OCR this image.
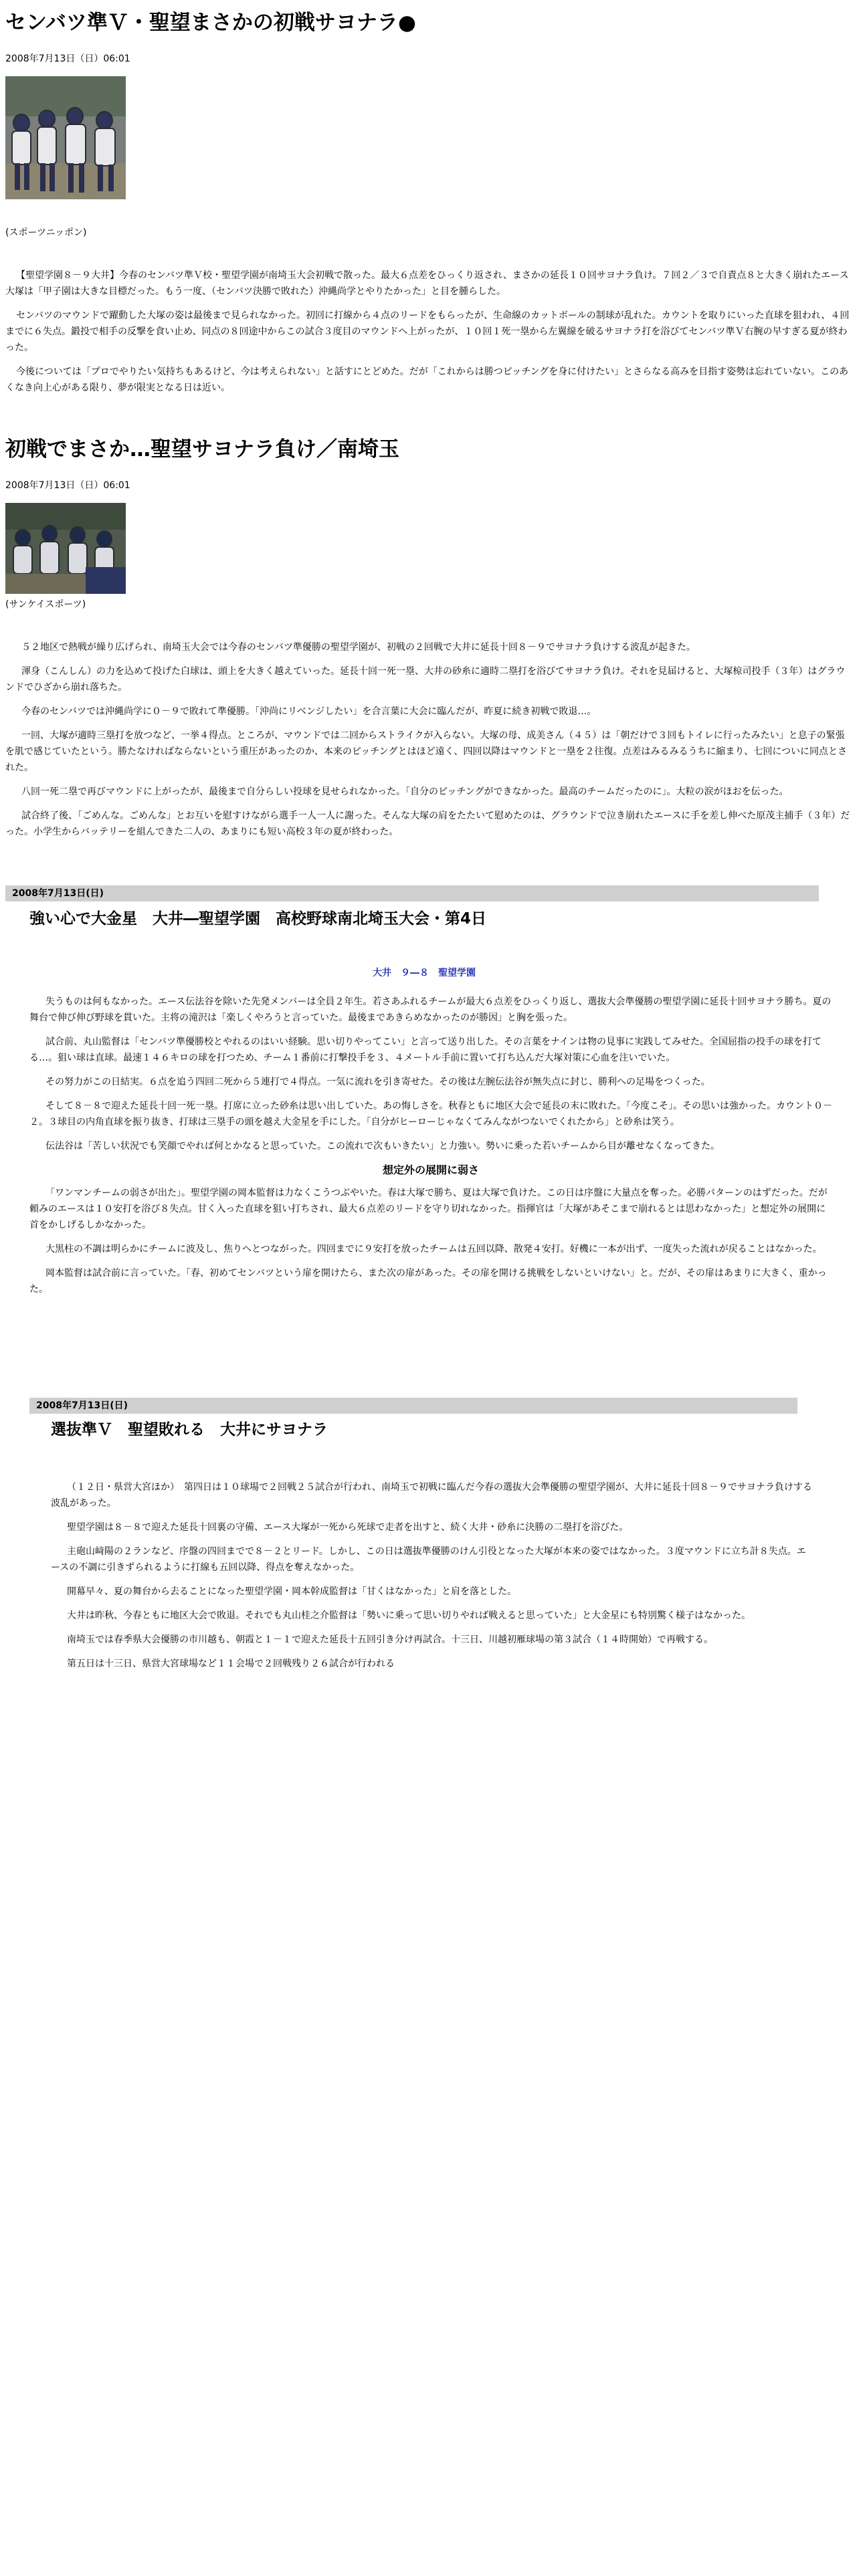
センバツ準Ｖ・聖望まさかの初戦サヨナラ●
2008年7月13日（日）06:01
(スポーツニッポン)

【聖望学園８－９大井】今春のセンバツ準Ｖ校・聖望学園が南埼玉大会初戦で散った。最大６点差をひっくり返され、まさかの延長１０回サヨナラ負け。７回２／３で自責点８と大きく崩れたエース大塚は「甲子園は大きな目標だった。もう一度、（センバツ決勝で敗れた）沖縄尚学とやりたかった」と目を腫らした。

センバツのマウンドで躍動した大塚の姿は最後まで見られなかった。初回に打線から４点のリードをもらったが、生命線のカットボールの制球が乱れた。カウントを取りにいった直球を狙われ、４回までに６失点。鍛投で相手の反撃を食い止め、同点の８回途中からこの試合３度目のマウンドへ上がったが、１０回１死一塁から左翼線を破るサヨナラ打を浴びてセンバツ準Ｖ右腕の早すぎる夏が終わった。

今後については「プロでやりたい気持ちもあるけど、今は考えられない」と話すにとどめた。だが「これからは勝つピッチングを身に付けたい」とさらなる高みを目指す姿勢は忘れていない。このあくなき向上心がある限り、夢が限実となる日は近い。

初戦でまさか…聖望サヨナラ負け／南埼玉
2008年7月13日（日）06:01
(サンケイスポーツ)

５２地区で熱戦が繰り広げられ、南埼玉大会では今春のセンバツ準優勝の聖望学園が、初戦の２回戦で大井に延長十回８－９でサヨナラ負けする波乱が起きた。

渾身（こんしん）の力を込めて投げた白球は、頭上を大きく越えていった。延長十回一死一塁、大井の砂糸に適時二塁打を浴びてサヨナラ負け。それを見届けると、大塚椋司投手（３年）はグラウンドでひざから崩れ落ちた。

今春のセンバツでは沖縄尚学に０－９で敗れて準優勝。「沖尚にリベンジしたい」を合言葉に大会に臨んだが、昨夏に続き初戦で敗退…。

一回、大塚が適時三塁打を放つなど、一挙４得点。ところが、マウンドでは二回からストライクが入らない。大塚の母、成美さん（４５）は「朝だけで３回もトイレに行ったみたい」と息子の緊張を肌で感じていたという。勝たなければならないという重圧があったのか、本来のピッチングとはほど遠く、四回以降はマウンドと一塁を２往復。点差はみるみるうちに縮まり、七回についに同点とされた。

八回一死二塁で再びマウンドに上がったが、最後まで自分らしい投球を見せられなかった。「自分のピッチングができなかった。最高のチームだったのに」。大粒の涙がほおを伝った。

試合終了後、「ごめんな。ごめんな」とお互いを慰すけながら選手一人一人に謝った。そんな大塚の肩をたたいて慰めたのは、グラウンドで泣き崩れたエースに手を差し伸べた原茂主捕手（３年）だった。小学生からバッテリーを組んできた二人の、あまりにも短い高校３年の夏が終わった。

2008年7月13日(日)
強い心で大金星　大井―聖望学園　高校野球南北埼玉大会・第4日
大井　９―８　聖望学園

失うものは何もなかった。エース伝法谷を除いた先発メンバーは全員２年生。若さあふれるチームが最大６点差をひっくり返し、選抜大会準優勝の聖望学園に延長十回サヨナラ勝ち。夏の舞台で伸び伸び野球を貫いた。主将の滝沢は「楽しくやろうと言っていた。最後まであきらめなかったのが勝因」と胸を張った。

試合前、丸山監督は「センバツ準優勝校とやれるのはいい経験。思い切りやってこい」と言って送り出した。その言葉をナインは物の見事に実践してみせた。全国屈指の投手の球を打てる…。狙い球は直球。最速１４６キロの球を打つため、チーム１番前に打撃投手を３、４メートル手前に置いて打ち込んだ大塚対策に心血を注いでいた。

その努力がこの日結実。６点を追う四回二死から５連打で４得点。一気に流れを引き寄せた。その後は左腕伝法谷が無失点に封じ、勝利への足場をつくった。

そして８－８で迎えた延長十回一死一塁。打席に立った砂糸は思い出していた。あの悔しさを。秋春ともに地区大会で延長の末に敗れた。「今度こそ」。その思いは強かった。カウント０－２。３球目の内角直球を振り抜き、打球は三塁手の頭を越え大金星を手にした。「自分がヒーローじゃなくてみんながつないでくれたから」と砂糸は笑う。

伝法谷は「苦しい状況でも笑顔でやれば何とかなると思っていた。この流れで次もいきたい」と力強い。勢いに乗った若いチームから目が離せなくなってきた。

想定外の展開に弱さ

「ワンマンチームの弱さが出た」。聖望学園の岡本監督は力なくこうつぶやいた。春は大塚で勝ち、夏は大塚で負けた。この日は序盤に大量点を奪った。必勝パターンのはずだった。だが頼みのエースは１０安打を浴び８失点。甘く入った直球を狙い打ちされ、最大６点差のリードを守り切れなかった。指揮官は「大塚があそこまで崩れるとは思わなかった」と想定外の展開に首をかしげるしかなかった。

大黒柱の不調は明らかにチームに波及し、焦りへとつながった。四回までに９安打を放ったチームは五回以降、散発４安打。好機に一本が出ず、一度失った流れが戻ることはなかった。

岡本監督は試合前に言っていた。「春、初めてセンバツという扉を開けたら、また次の扉があった。その扉を開ける挑戦をしないといけない」と。だが、その扉はあまりに大きく、重かった。

2008年7月13日(日)
選抜準Ｖ　聖望敗れる　大井にサヨナラ

（１２日・県営大宮ほか）　第四日は１０球場で２回戦２５試合が行われ、南埼玉で初戦に臨んだ今春の選抜大会準優勝の聖望学園が、大井に延長十回８－９でサヨナラ負けする波乱があった。

聖望学園は８－８で迎えた延長十回裏の守備、エース大塚が一死から死球で走者を出すと、続く大井・砂糸に決勝の二塁打を浴びた。

主砲山﨑陽の２ランなど、序盤の四回までで８－２とリード。しかし、この日は選抜準優勝のけん引役となった大塚が本来の姿ではなかった。３度マウンドに立ち計８失点。エースの不調に引きずられるように打線も五回以降、得点を奪えなかった。

開幕早々、夏の舞台から去ることになった聖望学園・岡本幹成監督は「甘くはなかった」と肩を落とした。

大井は昨秋、今春ともに地区大会で敗退。それでも丸山桂之介監督は「勢いに乗って思い切りやれば戦えると思っていた」と大金星にも特別驚く様子はなかった。

南埼玉では春季県大会優勝の市川越も、朝霞と１－１で迎えた延長十五回引き分け再試合。十三日、川越初雁球場の第３試合（１４時開始）で再戦する。

第五日は十三日、県営大宮球場など１１会場で２回戦残り２６試合が行われる
